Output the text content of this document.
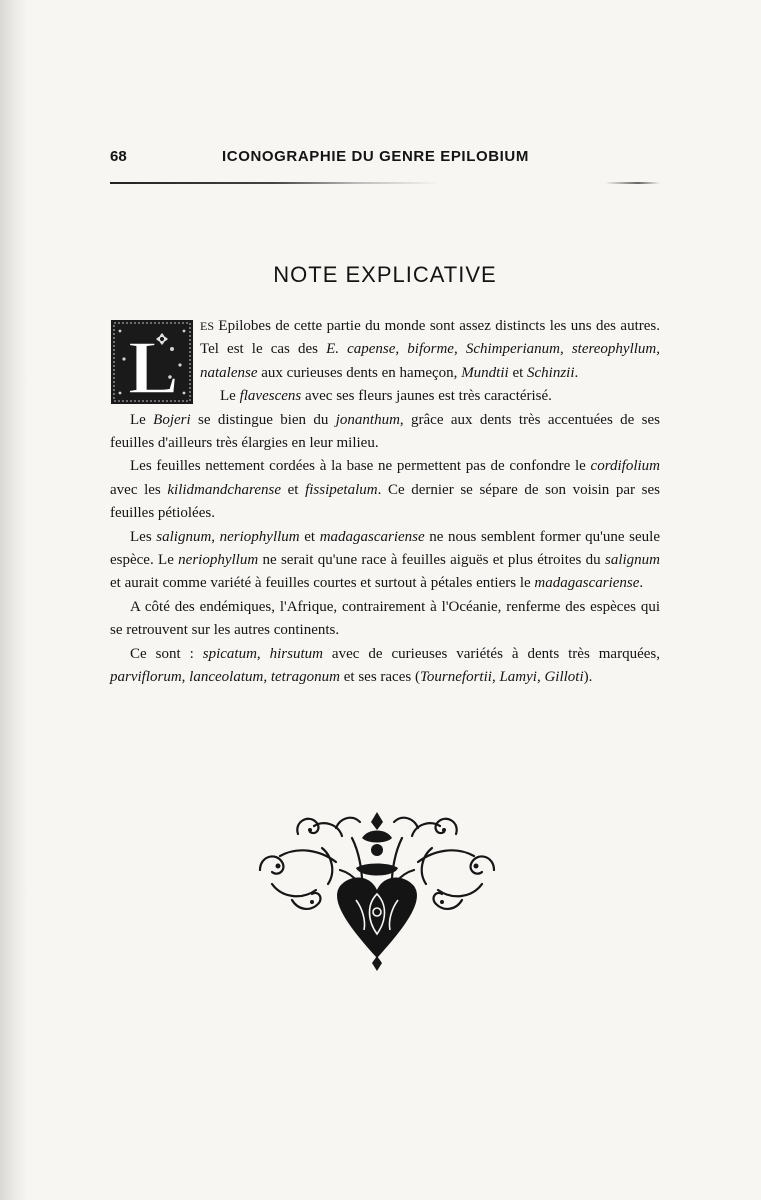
68	ICONOGRAPHIE DU GENRE EPILOBIUM
NOTE EXPLICATIVE

L ES Epilobes de cette partie du monde sont assez distincts les uns des autres. Tel est le cas des E. capense, biforme, Schimperianum, stereophyllum, natalense aux curieuses dents en hameçon, Mundtii et Schinzii.

Le flavescens avec ses fleurs jaunes est très caractérisé.

Le Bojeri se distingue bien du jonanthum, grâce aux dents très accentuées de ses feuilles d'ailleurs très élargies en leur milieu.

Les feuilles nettement cordées à la base ne permettent pas de confondre le cordifolium avec les kilidmandcharense et fissipetalum. Ce dernier se sépare de son voisin par ses feuilles pétiolées.

Les salignum, neriophyllum et madagascariense ne nous semblent former qu'une seule espèce. Le neriophyllum ne serait qu'une race à feuilles aiguës et plus étroites du salignum et aurait comme variété à feuilles courtes et surtout à pétales entiers le madagascariense.

A côté des endémiques, l'Afrique, contrairement à l'Océanie, renferme des espèces qui se retrouvent sur les autres continents.

Ce sont : spicatum, hirsutum avec de curieuses variétés à dents très marquées, parviflorum, lanceolatum, tetragonum et ses races (Tournefortii, Lamyi, Gilloti).
